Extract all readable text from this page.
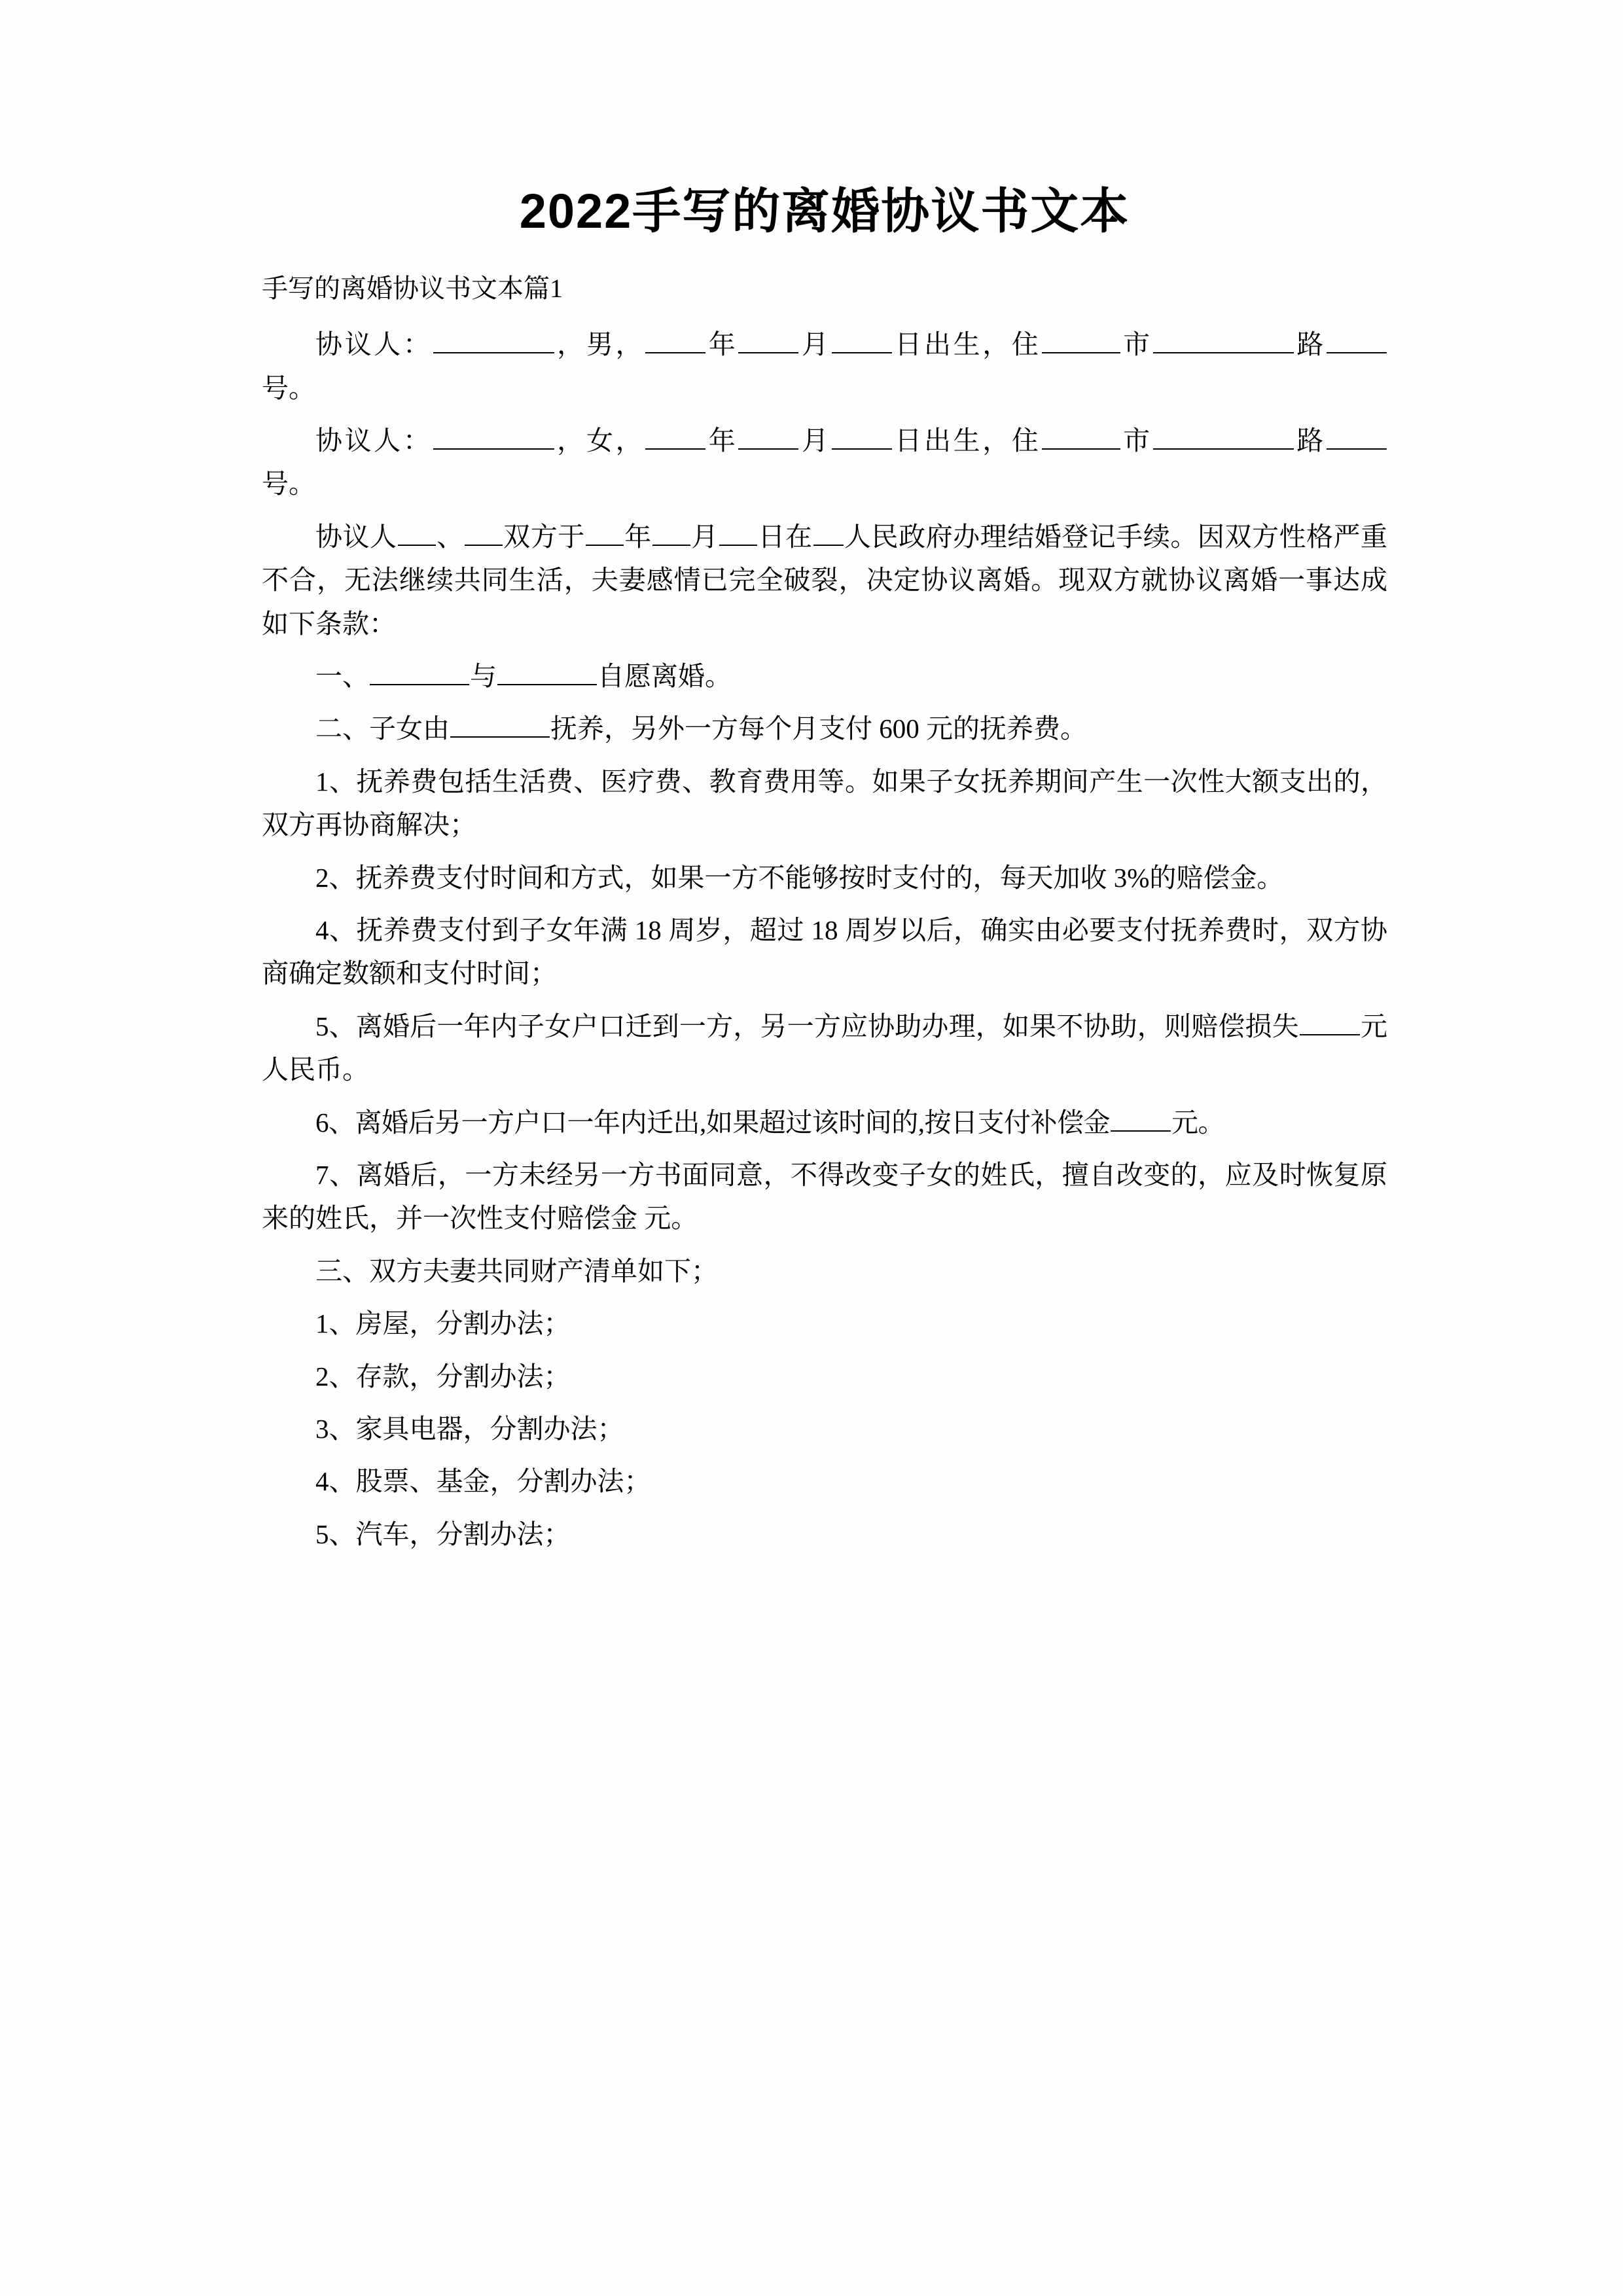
2022手写的离婚协议书文本

手写的离婚协议书文本篇1

协议人：	，男， 年 月 日出生，住	市	路号。

协议人：	，女， 年 月 日出生，住	市	路号。

协议人 、 双方于 年 月 日在 人民政府办理结婚登记手续。因双方性格严重不合，无法继续共同生活，夫妻感情已完全破裂，决定协议离婚。现双方就协议离婚一事达成如下条款：

一、	与	自愿离婚。

二、子女由	抚养，另外一方每个月支付 600 元的抚养费。

1、抚养费包括生活费、医疗费、教育费用等。如果子女抚养期间产生一次性大额支出的，双方再协商解决；

2、抚养费支付时间和方式，如果一方不能够按时支付的，每天加收 3%的赔偿金。

4、抚养费支付到子女年满 18 周岁，超过 18 周岁以后，确实由必要支付抚养费时，双方协商确定数额和支付时间；

5、离婚后一年内子女户口迁到一方，另一方应协助办理，如果不协助，则赔偿损失 元人民币。

6、离婚后另一方户口一年内迁出,如果超过该时间的,按日支付补偿金 元。

7、离婚后，一方未经另一方书面同意，不得改变子女的姓氏，擅自改变的，应及时恢复原来的姓氏，并一次性支付赔偿金 元。

三、双方夫妻共同财产清单如下；

1、房屋，分割办法；

2、存款，分割办法；

3、家具电器，分割办法；

4、股票、基金，分割办法；

5、汽车，分割办法；
